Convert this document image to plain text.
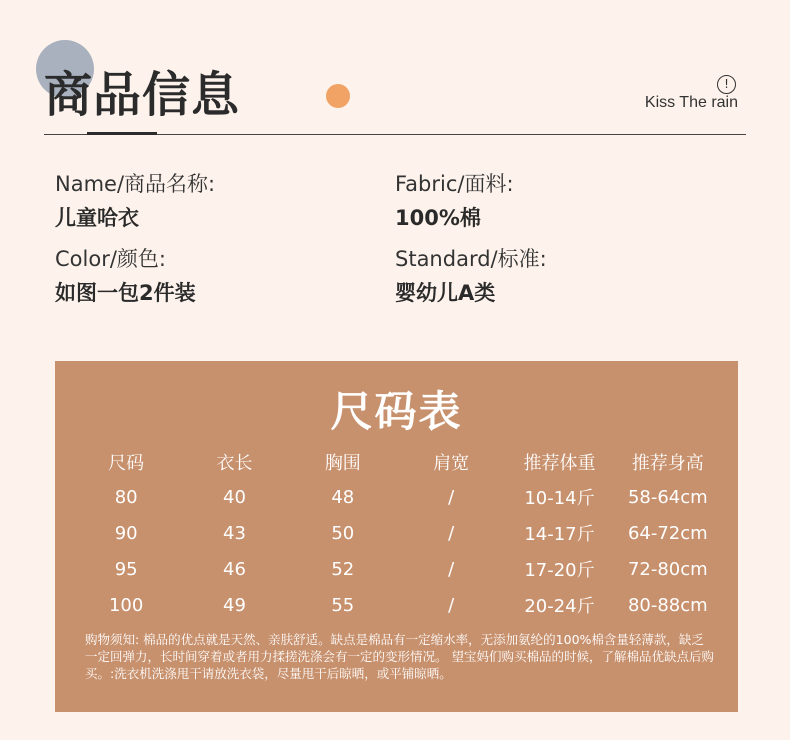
商品信息	!
Kiss The rain
Name/商品名称:
儿童哈衣
Fabric/面料:
100%棉
Color/颜色:
如图一包2件装
Standard/标准:
婴幼儿A类
尺码表
尺码	衣长	胸围	肩宽	推荐体重	推荐身高
80	40	48	/	10-14斤	58-64cm
90	43	50	/	14-17斤	64-72cm
95	46	52	/	17-20斤	72-80cm
100	49	55	/	20-24斤	80-88cm
购物须知: 棉品的优点就是天然、亲肤舒适。缺点是棉品有一定缩水率，无添加氨纶的100%棉含量轻薄款，缺乏一定回弹力，长时间穿着或者用力揉搓洗涤会有一定的变形情况。 望宝妈们购买棉品的时候，了解棉品优缺点后购买。:洗衣机洗涤甩干请放洗衣袋，尽量甩干后晾晒，或平铺晾晒。
